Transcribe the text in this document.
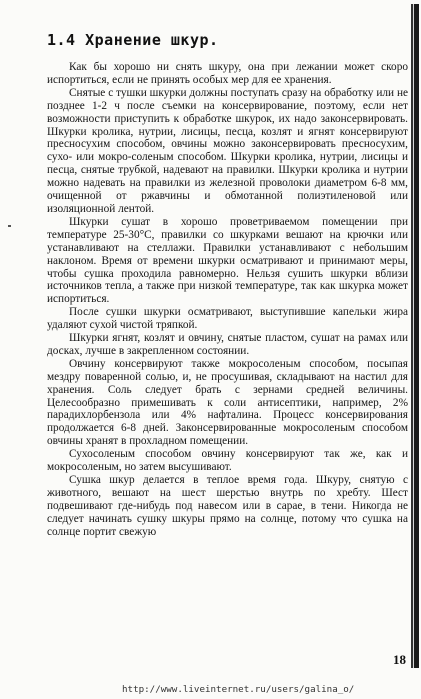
1.4 Хранение шкур.

Как бы хорошо ни снять шкуру, она при лежании может скоро испортиться, если не принять особых мер для ее хранения.

Снятые с тушки шкурки должны поступать сразу на обработку или не позднее 1-2 ч после съемки на консервирование, поэтому, если нет возможности приступить к обработке шкурок, их надо законсервировать. Шкурки кролика, нутрии, лисицы, песца, козлят и ягнят консервируют пресносухим способом, овчины можно законсервировать пресносухим, сухо- или мокро-соленым способом. Шкурки кролика, нутрии, лисицы и песца, снятые трубкой, надевают на правилки. Шкурки кролика и нутрии можно надевать на правилки из железной проволоки диаметром 6-8 мм, очищенной от ржавчины и обмотанной полиэтиленовой или изоляционной лентой.

Шкурки сушат в хорошо проветриваемом помещении при температуре 25-30°С, правилки со шкурками вешают на крючки или устанавливают на стеллажи. Правилки устанавливают с небольшим наклоном. Время от времени шкурки осматривают и принимают меры, чтобы сушка проходила равномерно. Нельзя сушить шкурки вблизи источников тепла, а также при низкой температуре, так как шкурка может испортиться.

После сушки шкурки осматривают, выступившие капельки жира удаляют сухой чистой тряпкой.

Шкурки ягнят, козлят и овчину, снятые пластом, сушат на рамах или досках, лучше в закрепленном состоянии.

Овчину консервируют также мокросоленым способом, посыпая мездру поваренной солью, и, не просушивая, складывают на настил для хранения. Соль следует брать с зернами средней величины. Целесообразно примешивать к соли антисептики, например, 2% парадихлорбензола или 4% нафталина. Процесс консервирования продолжается 6-8 дней. Законсервированные мокросоленым способом овчины хранят в прохладном помещении.

Сухосоленым способом овчину консервируют так же, как и мокросоленым, но затем высушивают.

Сушка шкур делается в теплое время года. Шкуру, снятую с животного, вешают на шест шерстью внутрь по хребту. Шест подвешивают где-нибудь под навесом или в сарае, в тени. Никогда не следует начинать сушку шкуры прямо на солнце, потому что сушка на солнце портит свежую

18
http://www.liveinternet.ru/users/galina_o/
